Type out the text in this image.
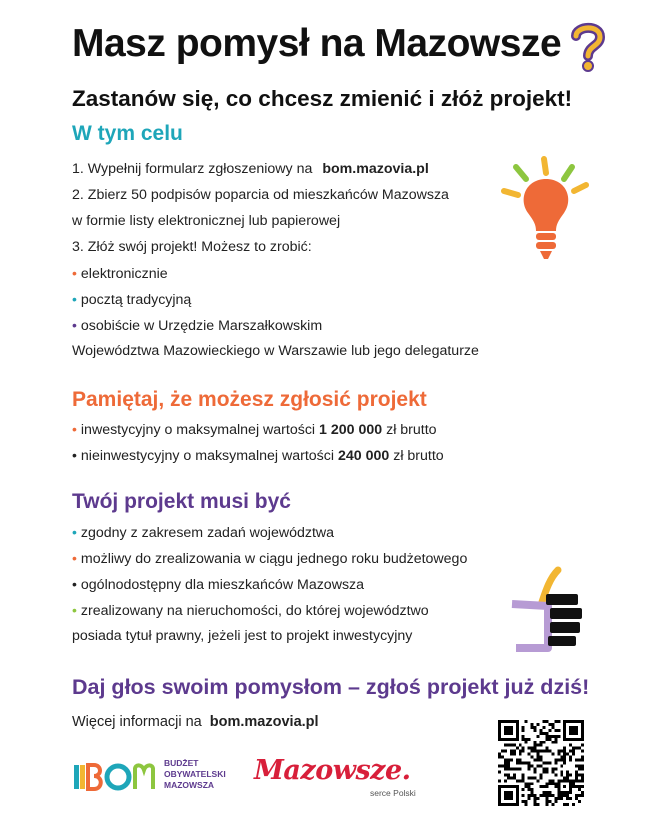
Masz pomysł na Mazowsze
Zastanów się, co chcesz zmienić i złóż projekt!
W tym celu
1. Wypełnij formularz zgłoszeniowy na bom.mazovia.pl
2. Zbierz 50 podpisów poparcia od mieszkańców Mazowsza
w formie listy elektronicznej lub papierowej
3. Złóż swój projekt! Możesz to zrobić:
• elektronicznie
• pocztą tradycyjną
• osobiście w Urzędzie Marszałkowskim
Województwa Mazowieckiego w Warszawie lub jego delegaturze
Pamiętaj, że możesz zgłosić projekt
• inwestycyjny o maksymalnej wartości 1 200 000 zł brutto
• nieinwestycyjny o maksymalnej wartości 240 000 zł brutto
Twój projekt musi być
• zgodny z zakresem zadań województwa
• możliwy do zrealizowania w ciągu jednego roku budżetowego
• ogólnodostępny dla mieszkańców Mazowsza
• zrealizowany na nieruchomości, do której województwo
posiada tytuł prawny, jeżeli jest to projekt inwestycyjny
Daj głos swoim pomysłom – zgłoś projekt już dziś!
Więcej informacji na bom.mazovia.pl
BUDŻET
OBYWATELSKI
MAZOWSZA	Mazowsze.
serce Polski
